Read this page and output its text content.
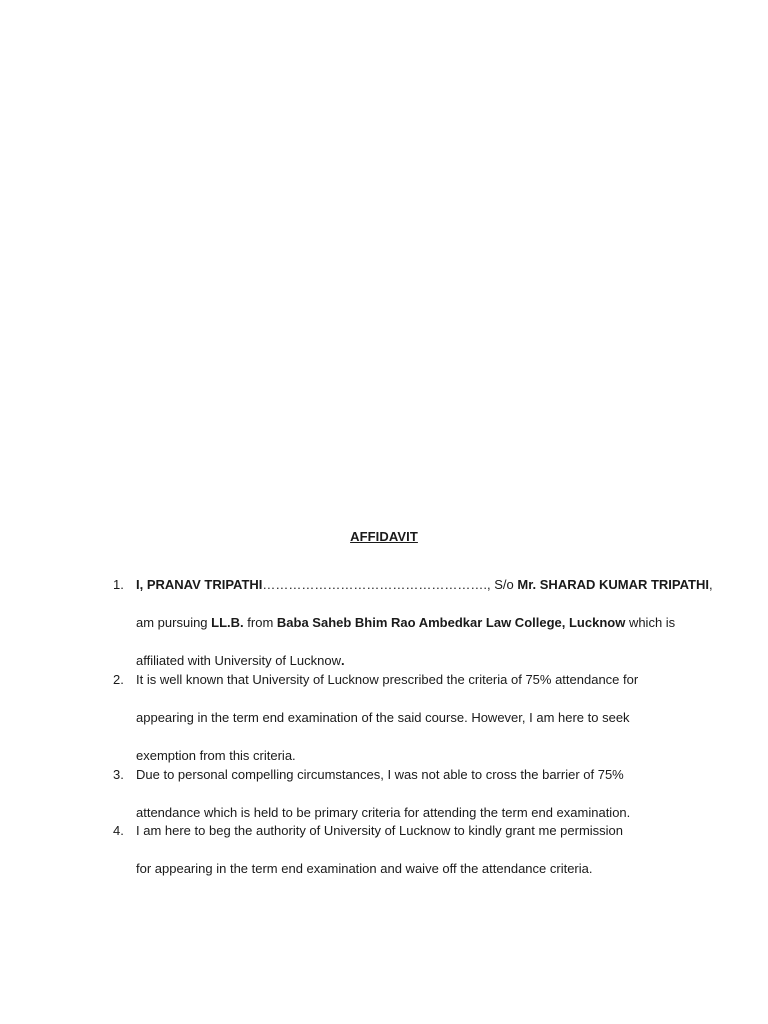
AFFIDAVIT
1. I, PRANAV TRIPATHI……………………………………………., S/o Mr. SHARAD KUMAR TRIPATHI,
am pursuing LL.B. from Baba Saheb Bhim Rao Ambedkar Law College, Lucknow which is
affiliated with University of Lucknow.
2. It is well known that University of Lucknow prescribed the criteria of 75% attendance for
appearing in the term end examination of the said course. However, I am here to seek
exemption from this criteria.
3. Due to personal compelling circumstances, I was not able to cross the barrier of 75%
attendance which is held to be primary criteria for attending the term end examination.
4. I am here to beg the authority of University of Lucknow to kindly grant me permission
for appearing in the term end examination and waive off the attendance criteria.
